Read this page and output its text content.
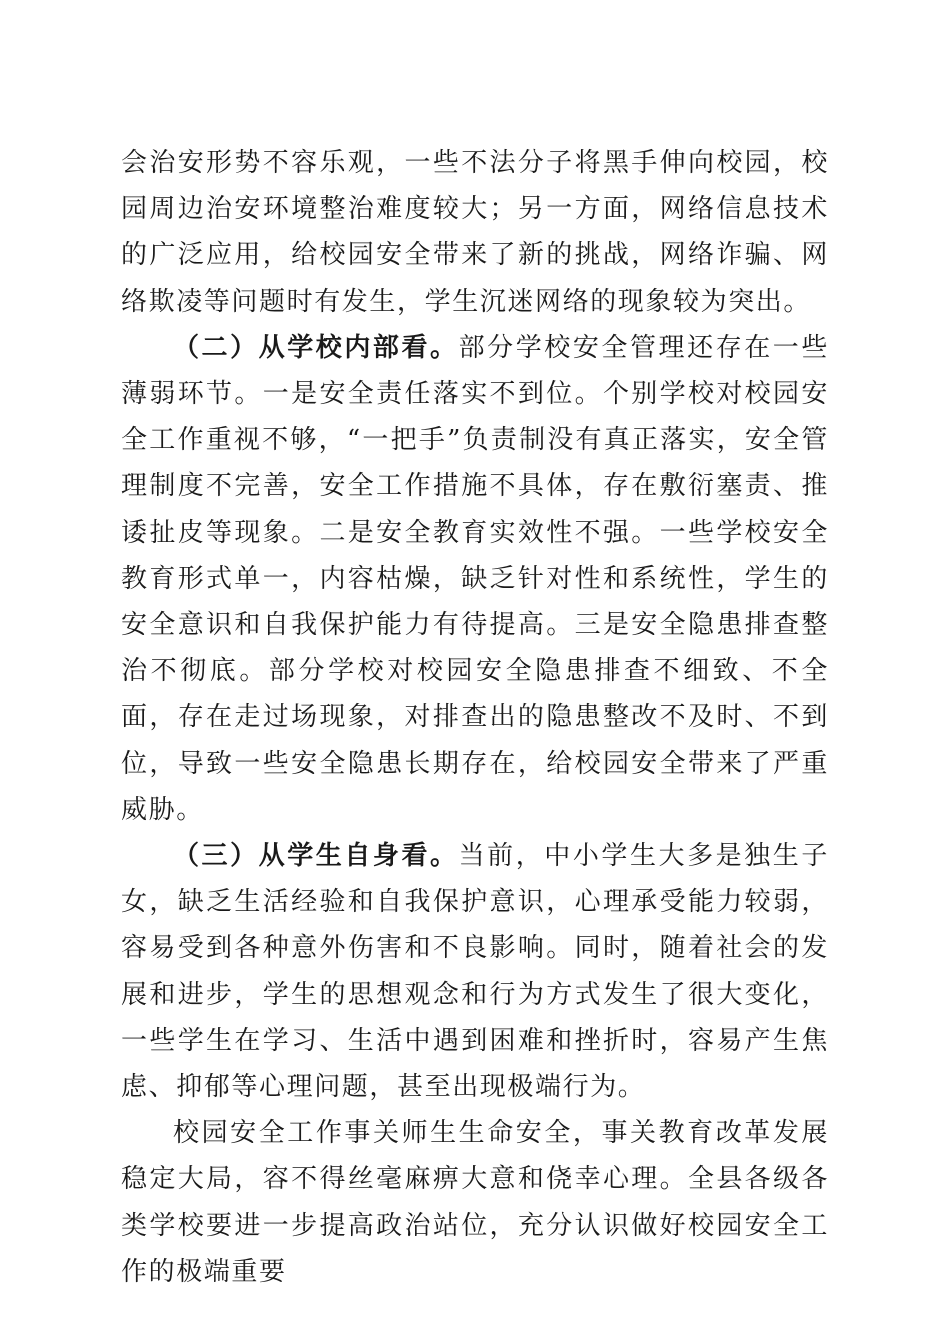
会治安形势不容乐观，一些不法分子将黑手伸向校园，校园周边治安环境整治难度较大；另一方面，网络信息技术的广泛应用，给校园安全带来了新的挑战，网络诈骗、网络欺凌等问题时有发生，学生沉迷网络的现象较为突出。

（二）从学校内部看。部分学校安全管理还存在一些薄弱环节。一是安全责任落实不到位。个别学校对校园安全工作重视不够，“一把手”负责制没有真正落实，安全管理制度不完善，安全工作措施不具体，存在敷衍塞责、推诿扯皮等现象。二是安全教育实效性不强。一些学校安全教育形式单一，内容枯燥，缺乏针对性和系统性，学生的安全意识和自我保护能力有待提高。三是安全隐患排查整治不彻底。部分学校对校园安全隐患排查不细致、不全面，存在走过场现象，对排查出的隐患整改不及时、不到位，导致一些安全隐患长期存在，给校园安全带来了严重威胁。

（三）从学生自身看。当前，中小学生大多是独生子女，缺乏生活经验和自我保护意识，心理承受能力较弱，容易受到各种意外伤害和不良影响。同时，随着社会的发展和进步，学生的思想观念和行为方式发生了很大变化，一些学生在学习、生活中遇到困难和挫折时，容易产生焦虑、抑郁等心理问题，甚至出现极端行为。

校园安全工作事关师生生命安全，事关教育改革发展稳定大局，容不得丝毫麻痹大意和侥幸心理。全县各级各类学校要进一步提高政治站位，充分认识做好校园安全工作的极端重要
